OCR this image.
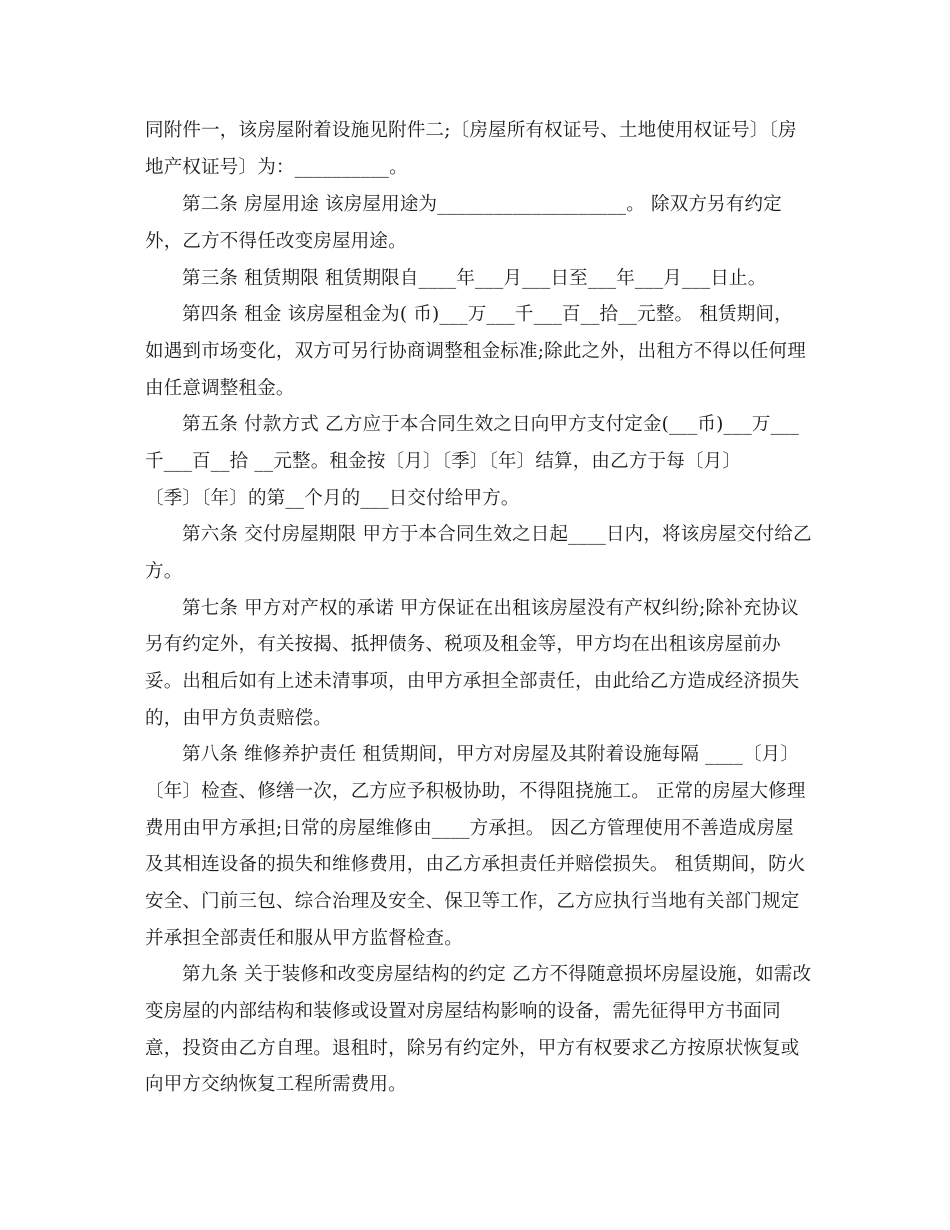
同附件一，该房屋附着设施见附件二;〔房屋所有权证号、土地使用权证号〕〔房
地产权证号〕为：__________。
第二条 房屋用途 该房屋用途为____________________。 除双方另有约定
外，乙方不得任改变房屋用途。
第三条 租赁期限 租赁期限自____年___月___日至___年___月___日止。
第四条 租金 该房屋租金为( 币)___万___千___百__拾__元整。 租赁期间，
如遇到市场变化，双方可另行协商调整租金标准;除此之外，出租方不得以任何理
由任意调整租金。
第五条 付款方式 乙方应于本合同生效之日向甲方支付定金(___币)___万___
千___百__拾 __元整。租金按〔月〕〔季〕〔年〕结算，由乙方于每〔月〕
〔季〕〔年〕的第__个月的___日交付给甲方。
第六条 交付房屋期限 甲方于本合同生效之日起____日内，将该房屋交付给乙
方。
第七条 甲方对产权的承诺 甲方保证在出租该房屋没有产权纠纷;除补充协议
另有约定外，有关按揭、抵押债务、税项及租金等，甲方均在出租该房屋前办
妥。出租后如有上述未清事项，由甲方承担全部责任，由此给乙方造成经济损失
的，由甲方负责赔偿。
第八条 维修养护责任 租赁期间，甲方对房屋及其附着设施每隔 ____〔月〕
〔年〕检查、修缮一次，乙方应予积极协助，不得阻挠施工。 正常的房屋大修理
费用由甲方承担;日常的房屋维修由____方承担。 因乙方管理使用不善造成房屋
及其相连设备的损失和维修费用，由乙方承担责任并赔偿损失。 租赁期间，防火
安全、门前三包、综合治理及安全、保卫等工作，乙方应执行当地有关部门规定
并承担全部责任和服从甲方监督检查。
第九条 关于装修和改变房屋结构的约定 乙方不得随意损坏房屋设施，如需改
变房屋的内部结构和装修或设置对房屋结构影响的设备，需先征得甲方书面同
意，投资由乙方自理。退租时，除另有约定外，甲方有权要求乙方按原状恢复或
向甲方交纳恢复工程所需费用。
